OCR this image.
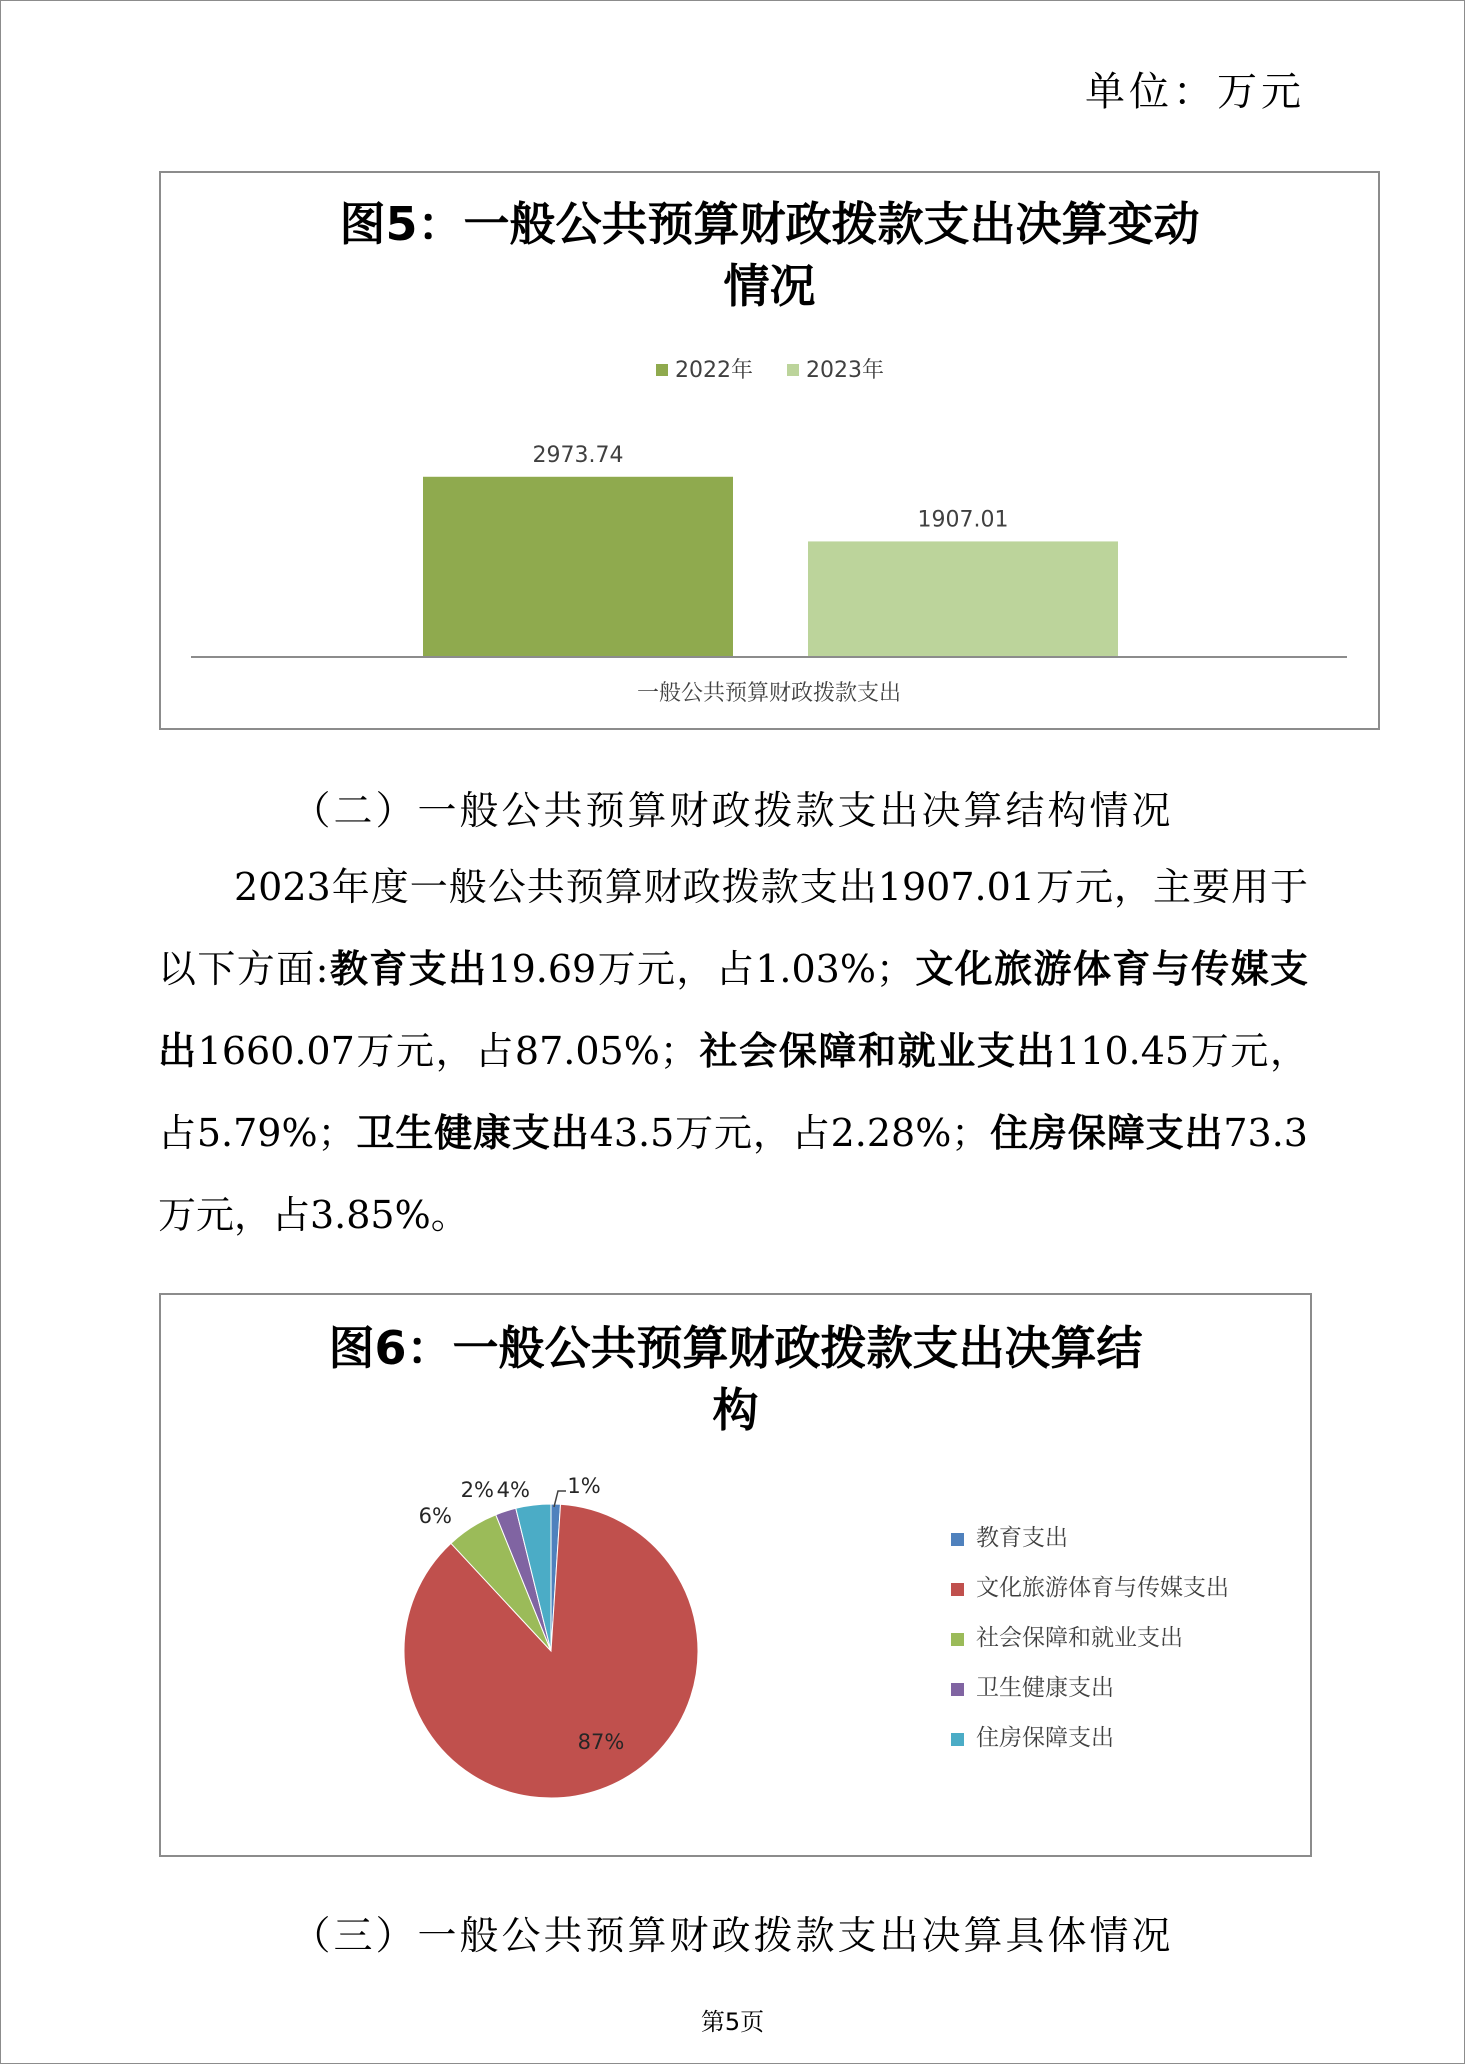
单位：万元
图5：一般公共预算财政拨款支出决算变动
情况
2022年 2023年
2973.74
1907.01
一般公共预算财政拨款支出
（二）一般公共预算财政拨款支出决算结构情况

2023年度一般公共预算财政拨款支出1907.01万元，主要用于以下方面:教育支出19.69万元，占1.03%；文化旅游体育与传媒支出1660.07万元，占87.05%；社会保障和就业支出110.45万元，占5.79%；卫生健康支出43.5万元，占2.28%；住房保障支出73.3万元，占3.85%。

图6：一般公共预算财政拨款支出决算结
构
1%
87%
6%
2% 4%
教育支出
文化旅游体育与传媒支出
社会保障和就业支出
卫生健康支出
住房保障支出
（三）一般公共预算财政拨款支出决算具体情况
第5页
